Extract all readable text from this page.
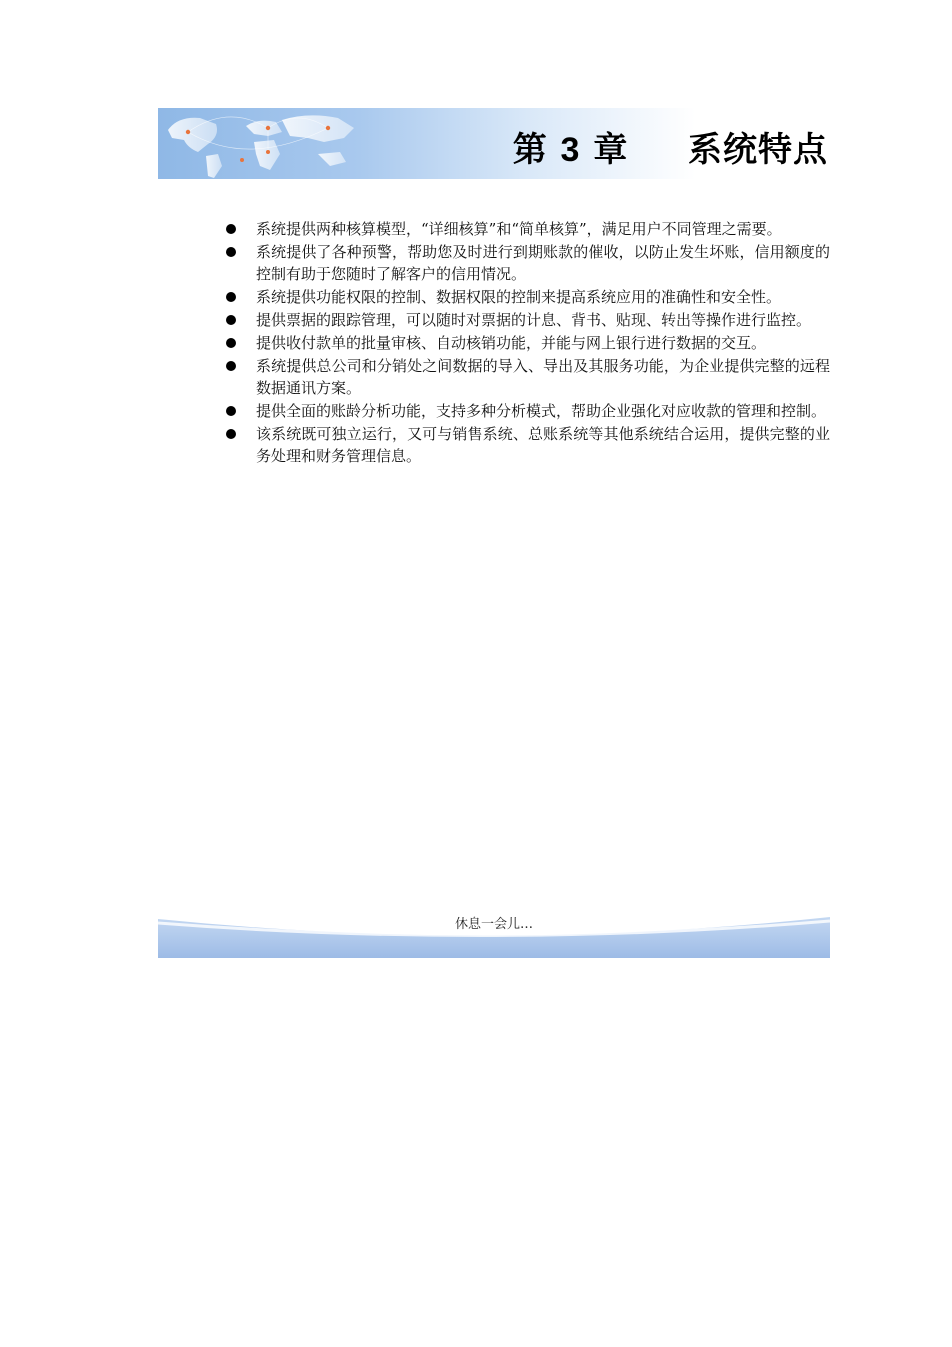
第 3 章 系统特点
系统提供两种核算模型，“详细核算”和“简单核算”，满足用户不同管理之需要。
系统提供了各种预警，帮助您及时进行到期账款的催收，以防止发生坏账，信用额度的控制有助于您随时了解客户的信用情况。
系统提供功能权限的控制、数据权限的控制来提高系统应用的准确性和安全性。
提供票据的跟踪管理，可以随时对票据的计息、背书、贴现、转出等操作进行监控。
提供收付款单的批量审核、自动核销功能，并能与网上银行进行数据的交互。
系统提供总公司和分销处之间数据的导入、导出及其服务功能，为企业提供完整的远程数据通讯方案。
提供全面的账龄分析功能，支持多种分析模式，帮助企业强化对应收款的管理和控制。
该系统既可独立运行，又可与销售系统、总账系统等其他系统结合运用，提供完整的业务处理和财务管理信息。
休息一会儿…
